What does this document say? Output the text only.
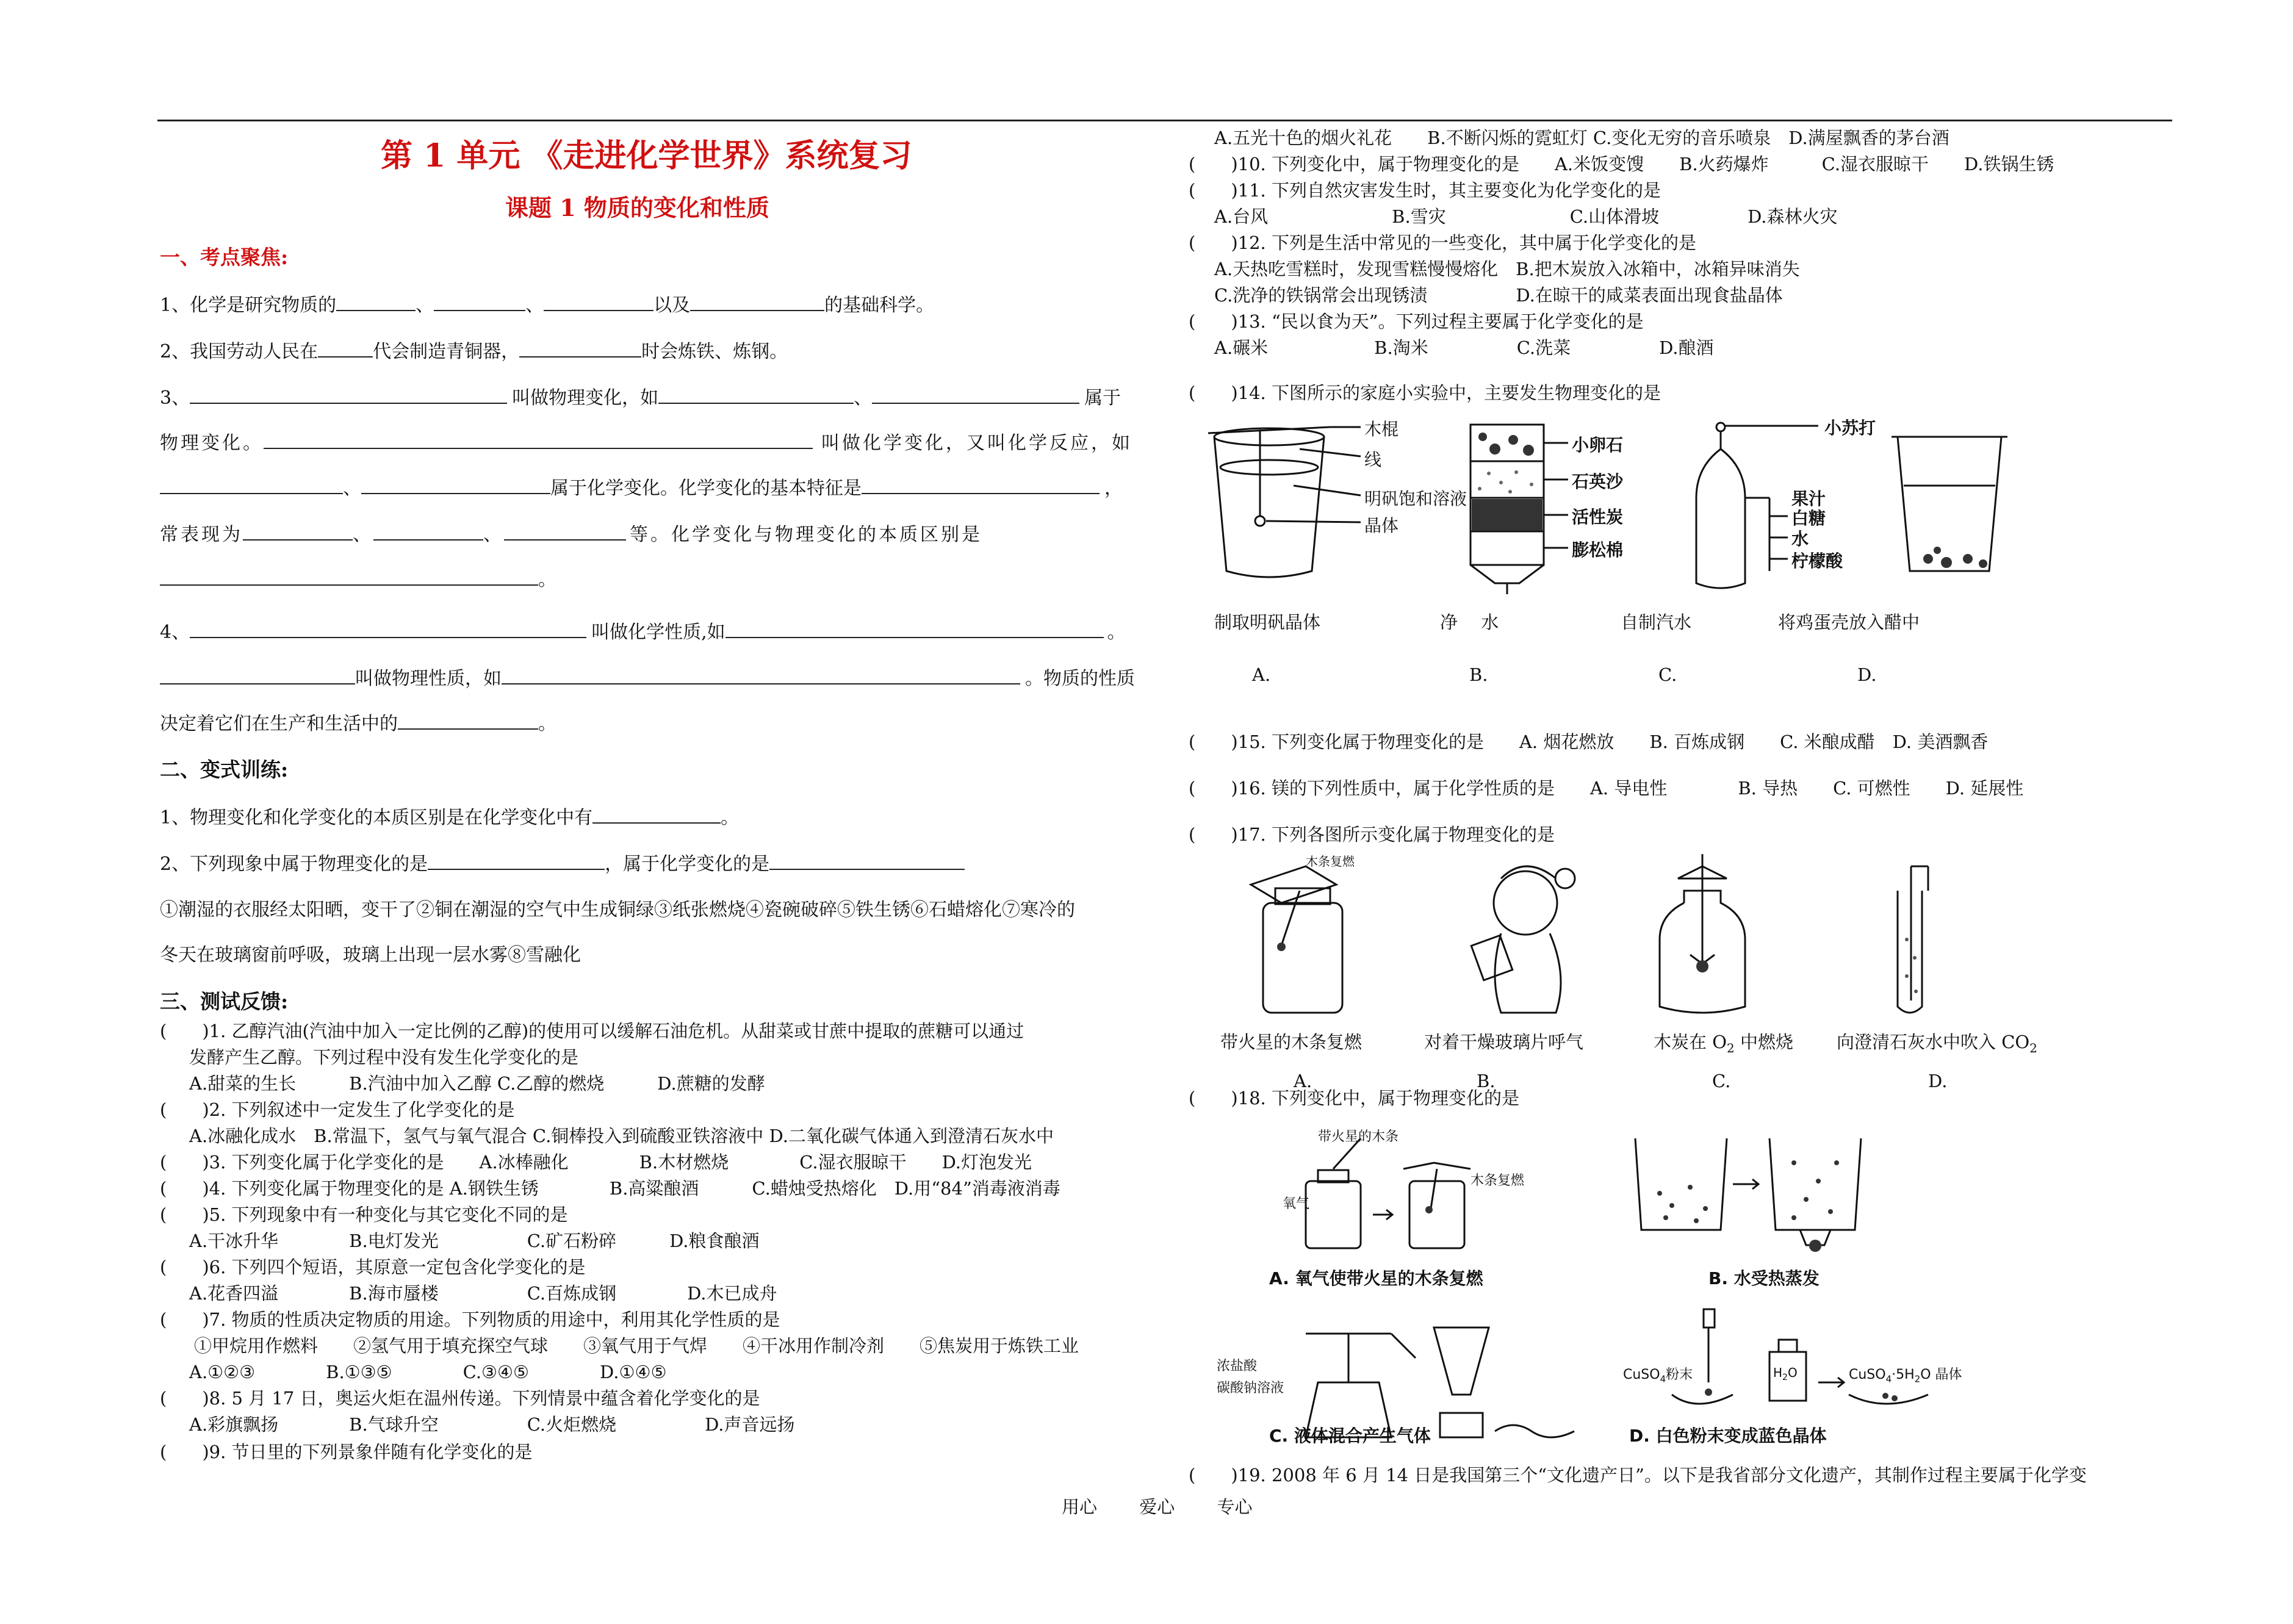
第 1 单元 《走进化学世界》系统复习
课题 1 物质的变化和性质
一、考点聚焦:
1、化学是研究物质的	、	、	以及	的基础科学。
2、我国劳动人民在	代会制造青铜器，	时会炼铁、炼钢。
3、	叫做物理变化，如	、	属于
物理变化。	叫做化学变化，又叫化学反应，如
、	属于化学变化。化学变化的基本特征是	，
常表现为	、	、	等。化学变化与物理变化的本质区别是
。
4、	叫做化学性质,如	。
叫做物理性质，如	。物质的性质
决定着它们在生产和生活中的	。
二、变式训练:
1、物理变化和化学变化的本质区别是在化学变化中有	。
2、下列现象中属于物理变化的是	，属于化学变化的是
①潮湿的衣服经太阳晒，变干了②铜在潮湿的空气中生成铜绿③纸张燃烧④瓷碗破碎⑤铁生锈⑥石蜡熔化⑦寒冷的
冬天在玻璃窗前呼吸，玻璃上出现一层水雾⑧雪融化
三、测试反馈:
(　　)1. 乙醇汽油(汽油中加入一定比例的乙醇)的使用可以缓解石油危机。从甜菜或甘蔗中提取的蔗糖可以通过
发酵产生乙醇。下列过程中没有发生化学变化的是
A.甜菜的生长　　　B.汽油中加入乙醇 C.乙醇的燃烧　　　D.蔗糖的发酵
(　　)2. 下列叙述中一定发生了化学变化的是
A.冰融化成水　B.常温下，氢气与氧气混合 C.铜棒投入到硫酸亚铁溶液中 D.二氧化碳气体通入到澄清石灰水中
(　　)3. 下列变化属于化学变化的是　　A.冰棒融化　　　　B.木材燃烧　　　　C.湿衣服晾干　　D.灯泡发光
(　　)4. 下列变化属于物理变化的是 A.钢铁生锈　　　　B.高粱酿酒　　　C.蜡烛受热熔化　D.用“84”消毒液消毒
(　　)5. 下列现象中有一种变化与其它变化不同的是
A.干冰升华　　　　B.电灯发光　　　　　C.矿石粉碎　　　D.粮食酿酒
(　　)6. 下列四个短语，其原意一定包含化学变化的是
A.花香四溢　　　　B.海市蜃楼　　　　　C.百炼成钢　　　　D.木已成舟
(　　)7. 物质的性质决定物质的用途。下列物质的用途中，利用其化学性质的是
①甲烷用作燃料　　②氢气用于填充探空气球　　③氧气用于气焊　　④干冰用作制冷剂　　⑤焦炭用于炼铁工业
A.①②③　　　　B.①③⑤　　　　C.③④⑤　　　　D.①④⑤
(　　)8. 5 月 17 日，奥运火炬在温州传递。下列情景中蕴含着化学变化的是
A.彩旗飘扬　　　　B.气球升空　　　　　C.火炬燃烧　　　　　D.声音远扬
(　　)9. 节日里的下列景象伴随有化学变化的是
A.五光十色的烟火礼花　　B.不断闪烁的霓虹灯 C.变化无穷的音乐喷泉　D.满屋飘香的茅台酒
(　　)10. 下列变化中，属于物理变化的是　　A.米饭变馊　　B.火药爆炸　　　C.湿衣服晾干　　D.铁锅生锈
(　　)11. 下列自然灾害发生时，其主要变化为化学变化的是
A.台风　　　　　　　B.雪灾　　　　　　　C.山体滑坡　　　　　D.森林火灾
(　　)12. 下列是生活中常见的一些变化，其中属于化学变化的是
A.天热吃雪糕时，发现雪糕慢慢熔化　B.把木炭放入冰箱中，冰箱异味消失
C.洗净的铁锅常会出现锈渍　　　　　D.在晾干的咸菜表面出现食盐晶体
(　　)13. “民以食为天”。下列过程主要属于化学变化的是
A.碾米　　　　　　B.淘米　　　　　C.洗菜　　　　　D.酿酒
(　　)14. 下图所示的家庭小实验中，主要发生物理变化的是
木棍
线
明矾饱和溶液
晶体
小卵石
石英沙
活性炭
膨松棉
小苏打
果汁
白糖
水
柠檬酸
制取明矾晶体	净　 水	自制汽水	将鸡蛋壳放入醋中
A.	B.	C.	D.
(　　)15. 下列变化属于物理变化的是　　A. 烟花燃放　　B. 百炼成钢　　C. 米酿成醋　D. 美酒飘香
(　　)16. 镁的下列性质中，属于化学性质的是　　A. 导电性　　　　B. 导热　　C. 可燃性　　D. 延展性
(　　)17. 下列各图所示变化属于物理变化的是
木条复燃
带火星的木条复燃	对着干燥玻璃片呼气	木炭在 $O_2$ 中燃烧 向澄清石灰水中吹入 $CO_2$
A.	B.	C.	D.
(　　)18. 下列变化中，属于物理变化的是
带火星的木条
木条复燃
氧气
A. 氧气使带火星的木条复燃	B. 水受热蒸发
浓盐酸
碳酸钠溶液
C. 液体混合产生气体
CuSO$_4$粉末	$H_2O$	$CuSO_4\cdot 5H_2O$ 晶体
D. 白色粉末变成蓝色晶体
(　　)19. 2008 年 6 月 14 日是我国第三个“文化遗产日”。以下是我省部分文化遗产，其制作过程主要属于化学变
用心 爱心 专心
